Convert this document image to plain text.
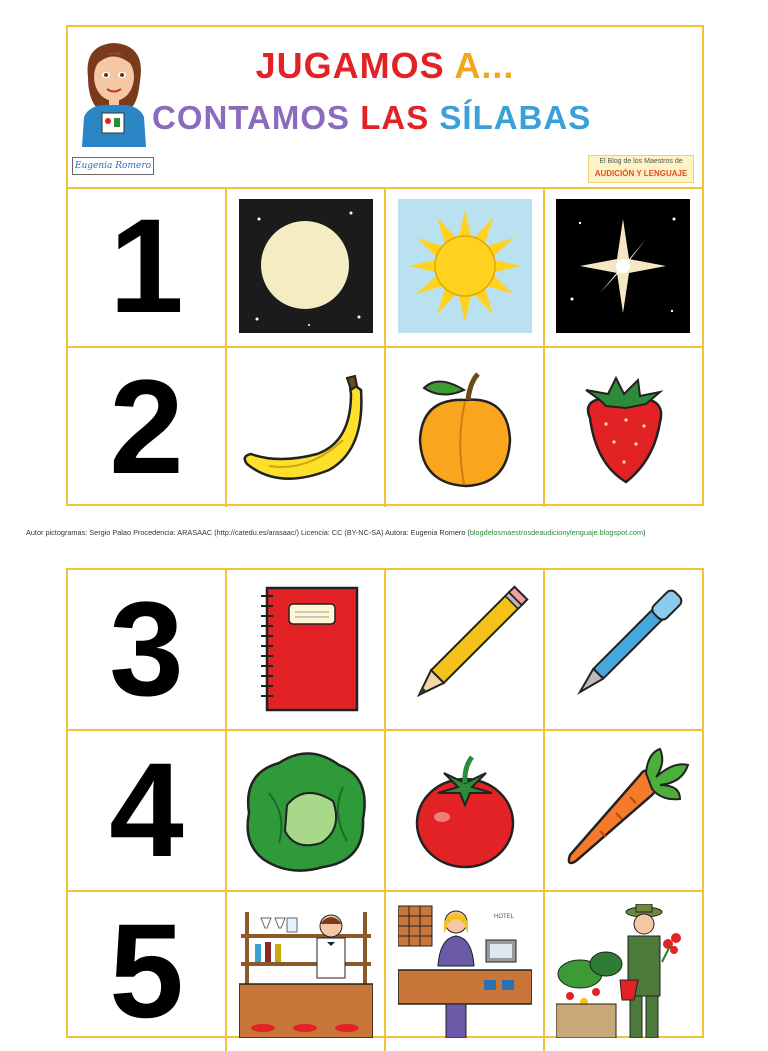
Eugenia Romero
JUGAMOS A...
CONTAMOS LAS SÍLABAS
El Blog de los Maestros de
AUDICIÓN Y LENGUAJE
1
2
Autor pictogramas: Sergio Palao Procedencia: ARASAAC (http://catedu.es/arasaac/) Licencia: CC (BY-NC-SA) Autora: Eugenia Romero (blogdelosmaestrosdeaudicionylenguaje.blogspot.com)
3
4
5	HOTEL
